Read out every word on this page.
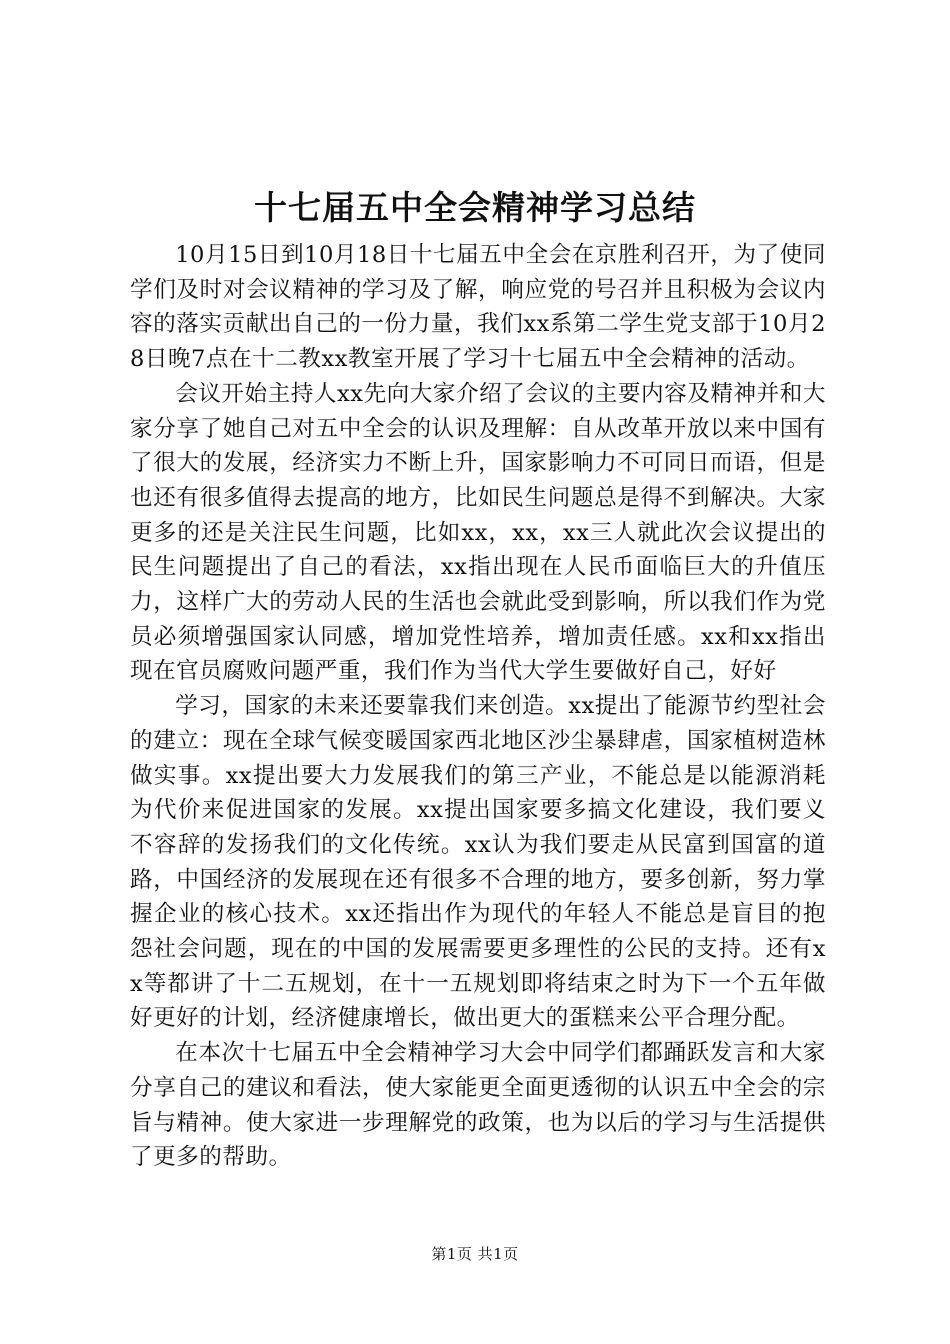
十七届五中全会精神学习总结

10月15日到10月18日十七届五中全会在京胜利召开，为了使同学们及时对会议精神的学习及了解，响应党的号召并且积极为会议内容的落实贡献出自己的一份力量，我们xx系第二学生党支部于10月28日晚7点在十二教xx教室开展了学习十七届五中全会精神的活动。

会议开始主持人xx先向大家介绍了会议的主要内容及精神并和大家分享了她自己对五中全会的认识及理解：自从改革开放以来中国有了很大的发展，经济实力不断上升，国家影响力不可同日而语，但是也还有很多值得去提高的地方，比如民生问题总是得不到解决。大家更多的还是关注民生问题，比如xx，xx，xx三人就此次会议提出的民生问题提出了自己的看法，xx指出现在人民币面临巨大的升值压力，这样广大的劳动人民的生活也会就此受到影响，所以我们作为党员必须增强国家认同感，增加党性培养，增加责任感。xx和xx指出现在官员腐败问题严重，我们作为当代大学生要做好自己，好好

学习，国家的未来还要靠我们来创造。xx提出了能源节约型社会的建立：现在全球气候变暖国家西北地区沙尘暴肆虐，国家植树造林做实事。xx提出要大力发展我们的第三产业，不能总是以能源消耗为代价来促进国家的发展。xx提出国家要多搞文化建设，我们要义不容辞的发扬我们的文化传统。xx认为我们要走从民富到国富的道路，中国经济的发展现在还有很多不合理的地方，要多创新，努力掌握企业的核心技术。xx还指出作为现代的年轻人不能总是盲目的抱怨社会问题，现在的中国的发展需要更多理性的公民的支持。还有xx等都讲了十二五规划，在十一五规划即将结束之时为下一个五年做好更好的计划，经济健康增长，做出更大的蛋糕来公平合理分配。

在本次十七届五中全会精神学习大会中同学们都踊跃发言和大家分享自己的建议和看法，使大家能更全面更透彻的认识五中全会的宗旨与精神。使大家进一步理解党的政策，也为以后的学习与生活提供了更多的帮助。

第1页 共1页
